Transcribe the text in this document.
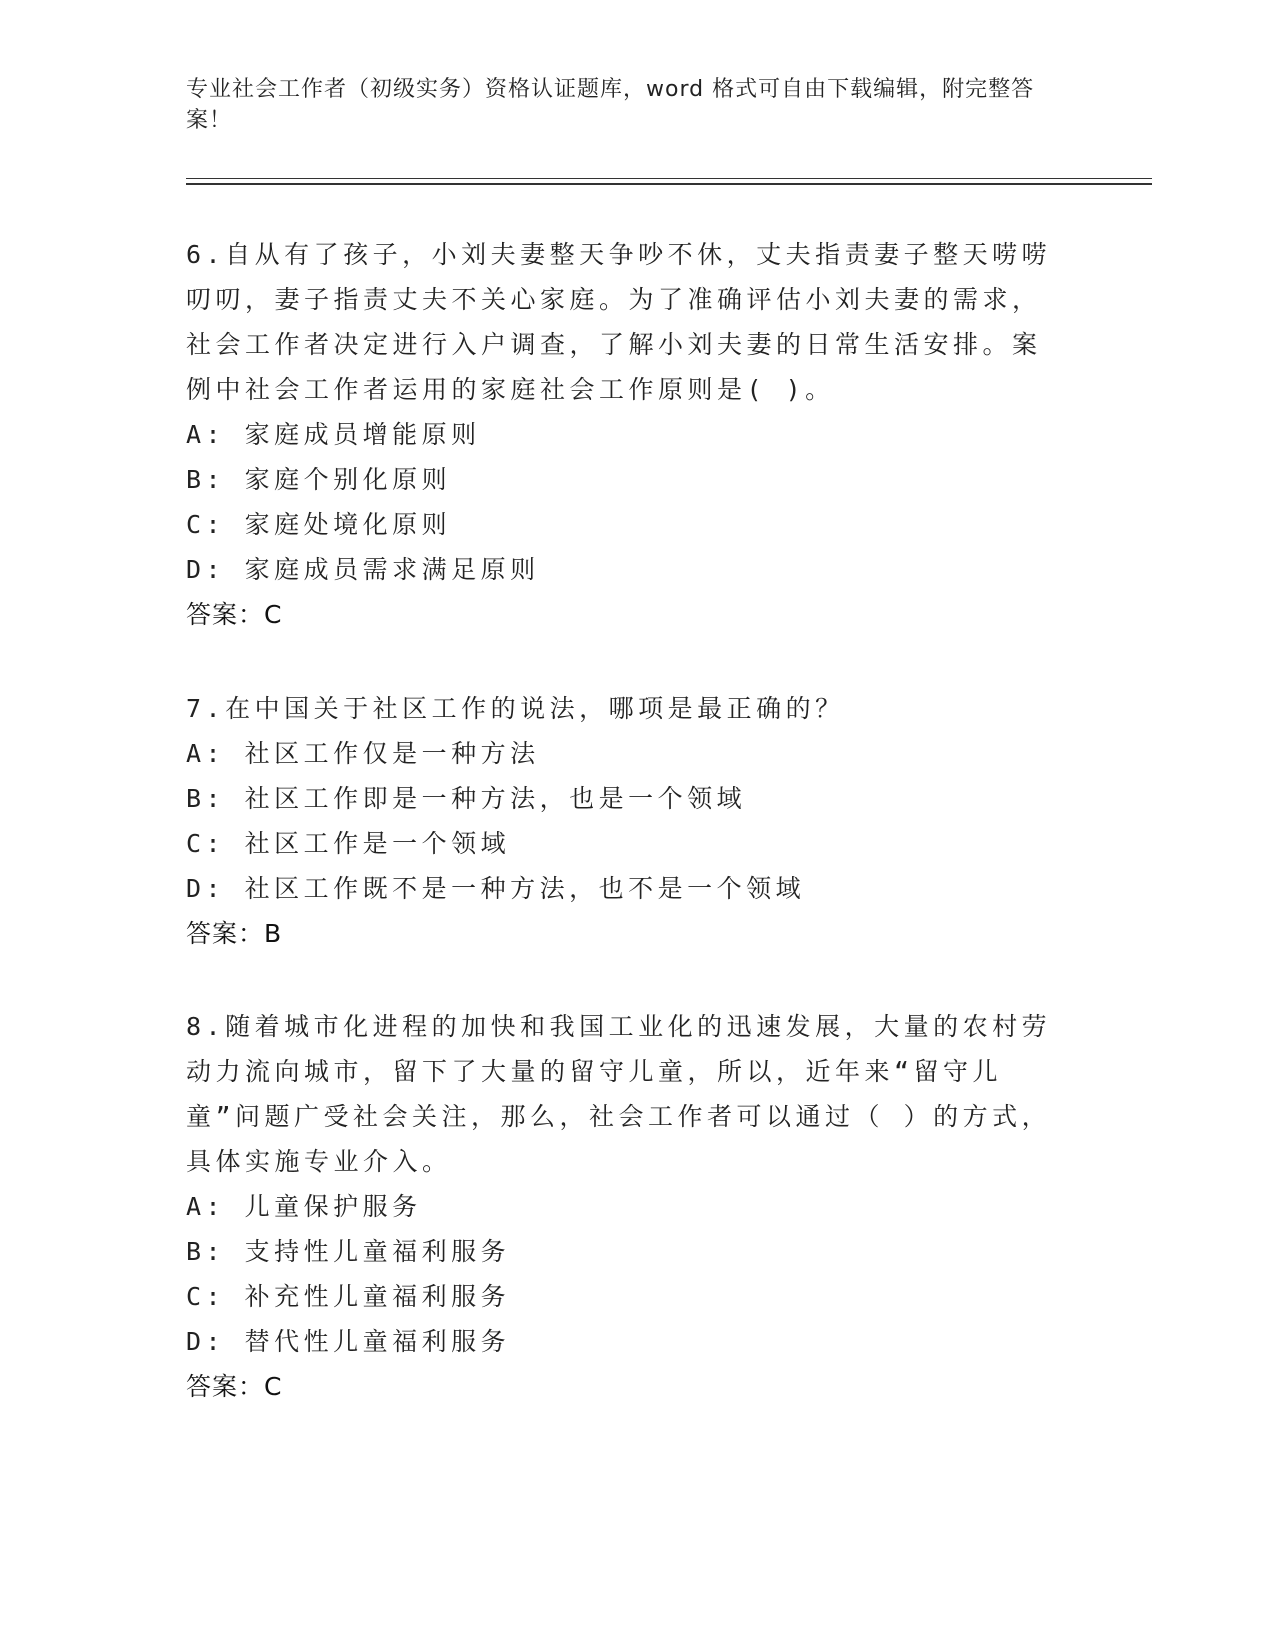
专业社会工作者（初级实务）资格认证题库，word 格式可自由下载编辑，附完整答案！

6.自从有了孩子，小刘夫妻整天争吵不休，丈夫指责妻子整天唠唠叨叨，妻子指责丈夫不关心家庭。为了准确评估小刘夫妻的需求，社会工作者决定进行入户调查，了解小刘夫妻的日常生活安排。案例中社会工作者运用的家庭社会工作原则是( )。

A: 家庭成员增能原则

B: 家庭个别化原则

C: 家庭处境化原则

D: 家庭成员需求满足原则

答案：C

7.在中国关于社区工作的说法，哪项是最正确的？

A: 社区工作仅是一种方法

B: 社区工作即是一种方法，也是一个领域

C: 社区工作是一个领域

D: 社区工作既不是一种方法，也不是一个领域

答案：B

8.随着城市化进程的加快和我国工业化的迅速发展，大量的农村劳动力流向城市，留下了大量的留守儿童，所以，近年来“留守儿童”问题广受社会关注，那么，社会工作者可以通过（ ）的方式，具体实施专业介入。

A: 儿童保护服务

B: 支持性儿童福利服务

C: 补充性儿童福利服务

D: 替代性儿童福利服务

答案：C
